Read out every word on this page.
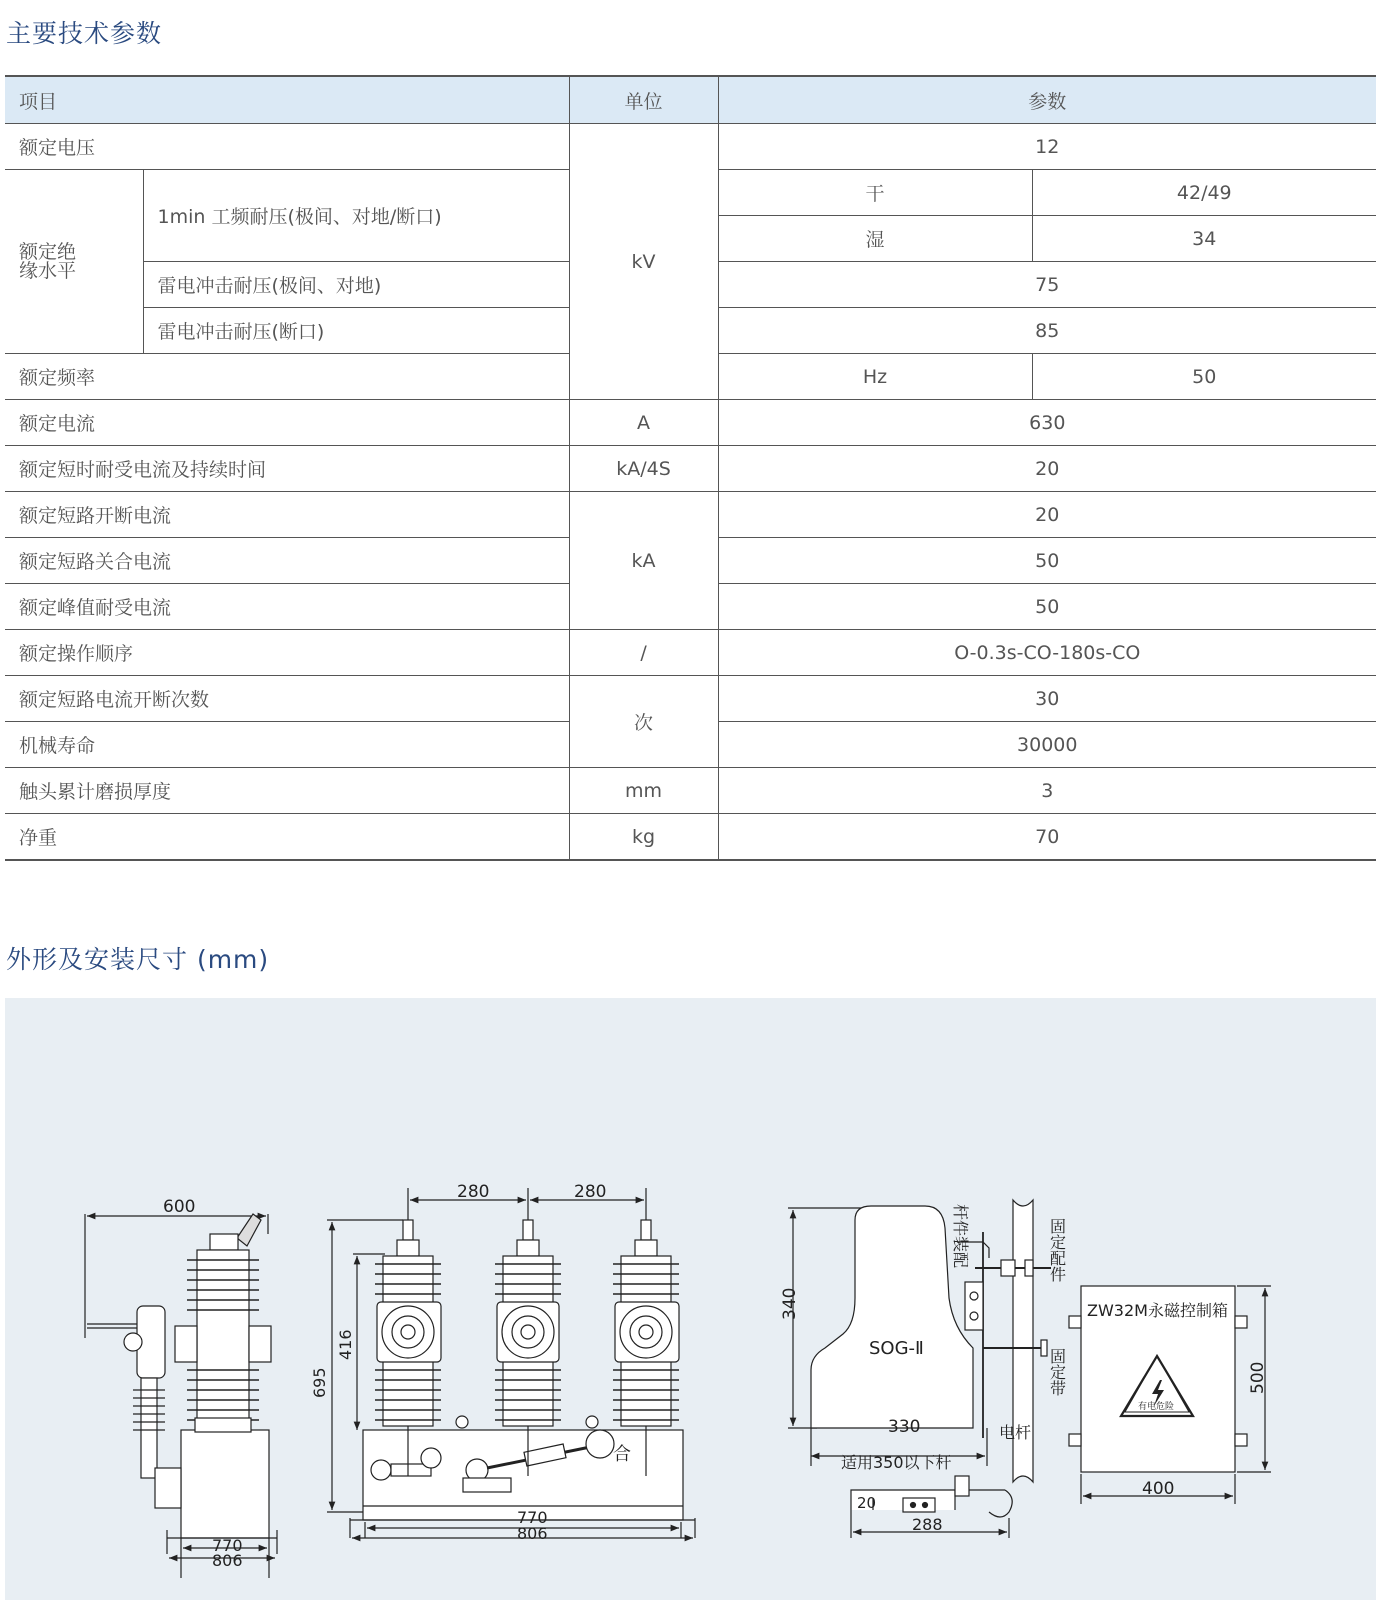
主要技术参数
项目		单位	参数	
额定电压		kV	12	
额定绝缘水平	1min 工频耐压(极间、对地/断口)		干	42/49
			湿	34
	雷电冲击耐压(极间、对地)		75	
	雷电冲击耐压(断口)		85	
额定频率			Hz	50
额定电流		A	630	
额定短时耐受电流及持续时间		kA/4S	20	
额定短路开断电流		kA	20	
额定短路关合电流			50	
额定峰值耐受电流			50	
额定操作顺序		/	O-0.3s-CO-180s-CO	
额定短路电流开断次数		次	30	
机械寿命			30000	
触头累计磨损厚度		mm	3	
净重		kg	70	
外形及安装尺寸 (mm)
600
770
806
280	280
695
416
770
806
合
340
SOG-Ⅱ
330	电杆
适用350以下杆
20
288
杆件装配	固定配件
固定带
ZW32M永磁控制箱
有电危险
500
400
